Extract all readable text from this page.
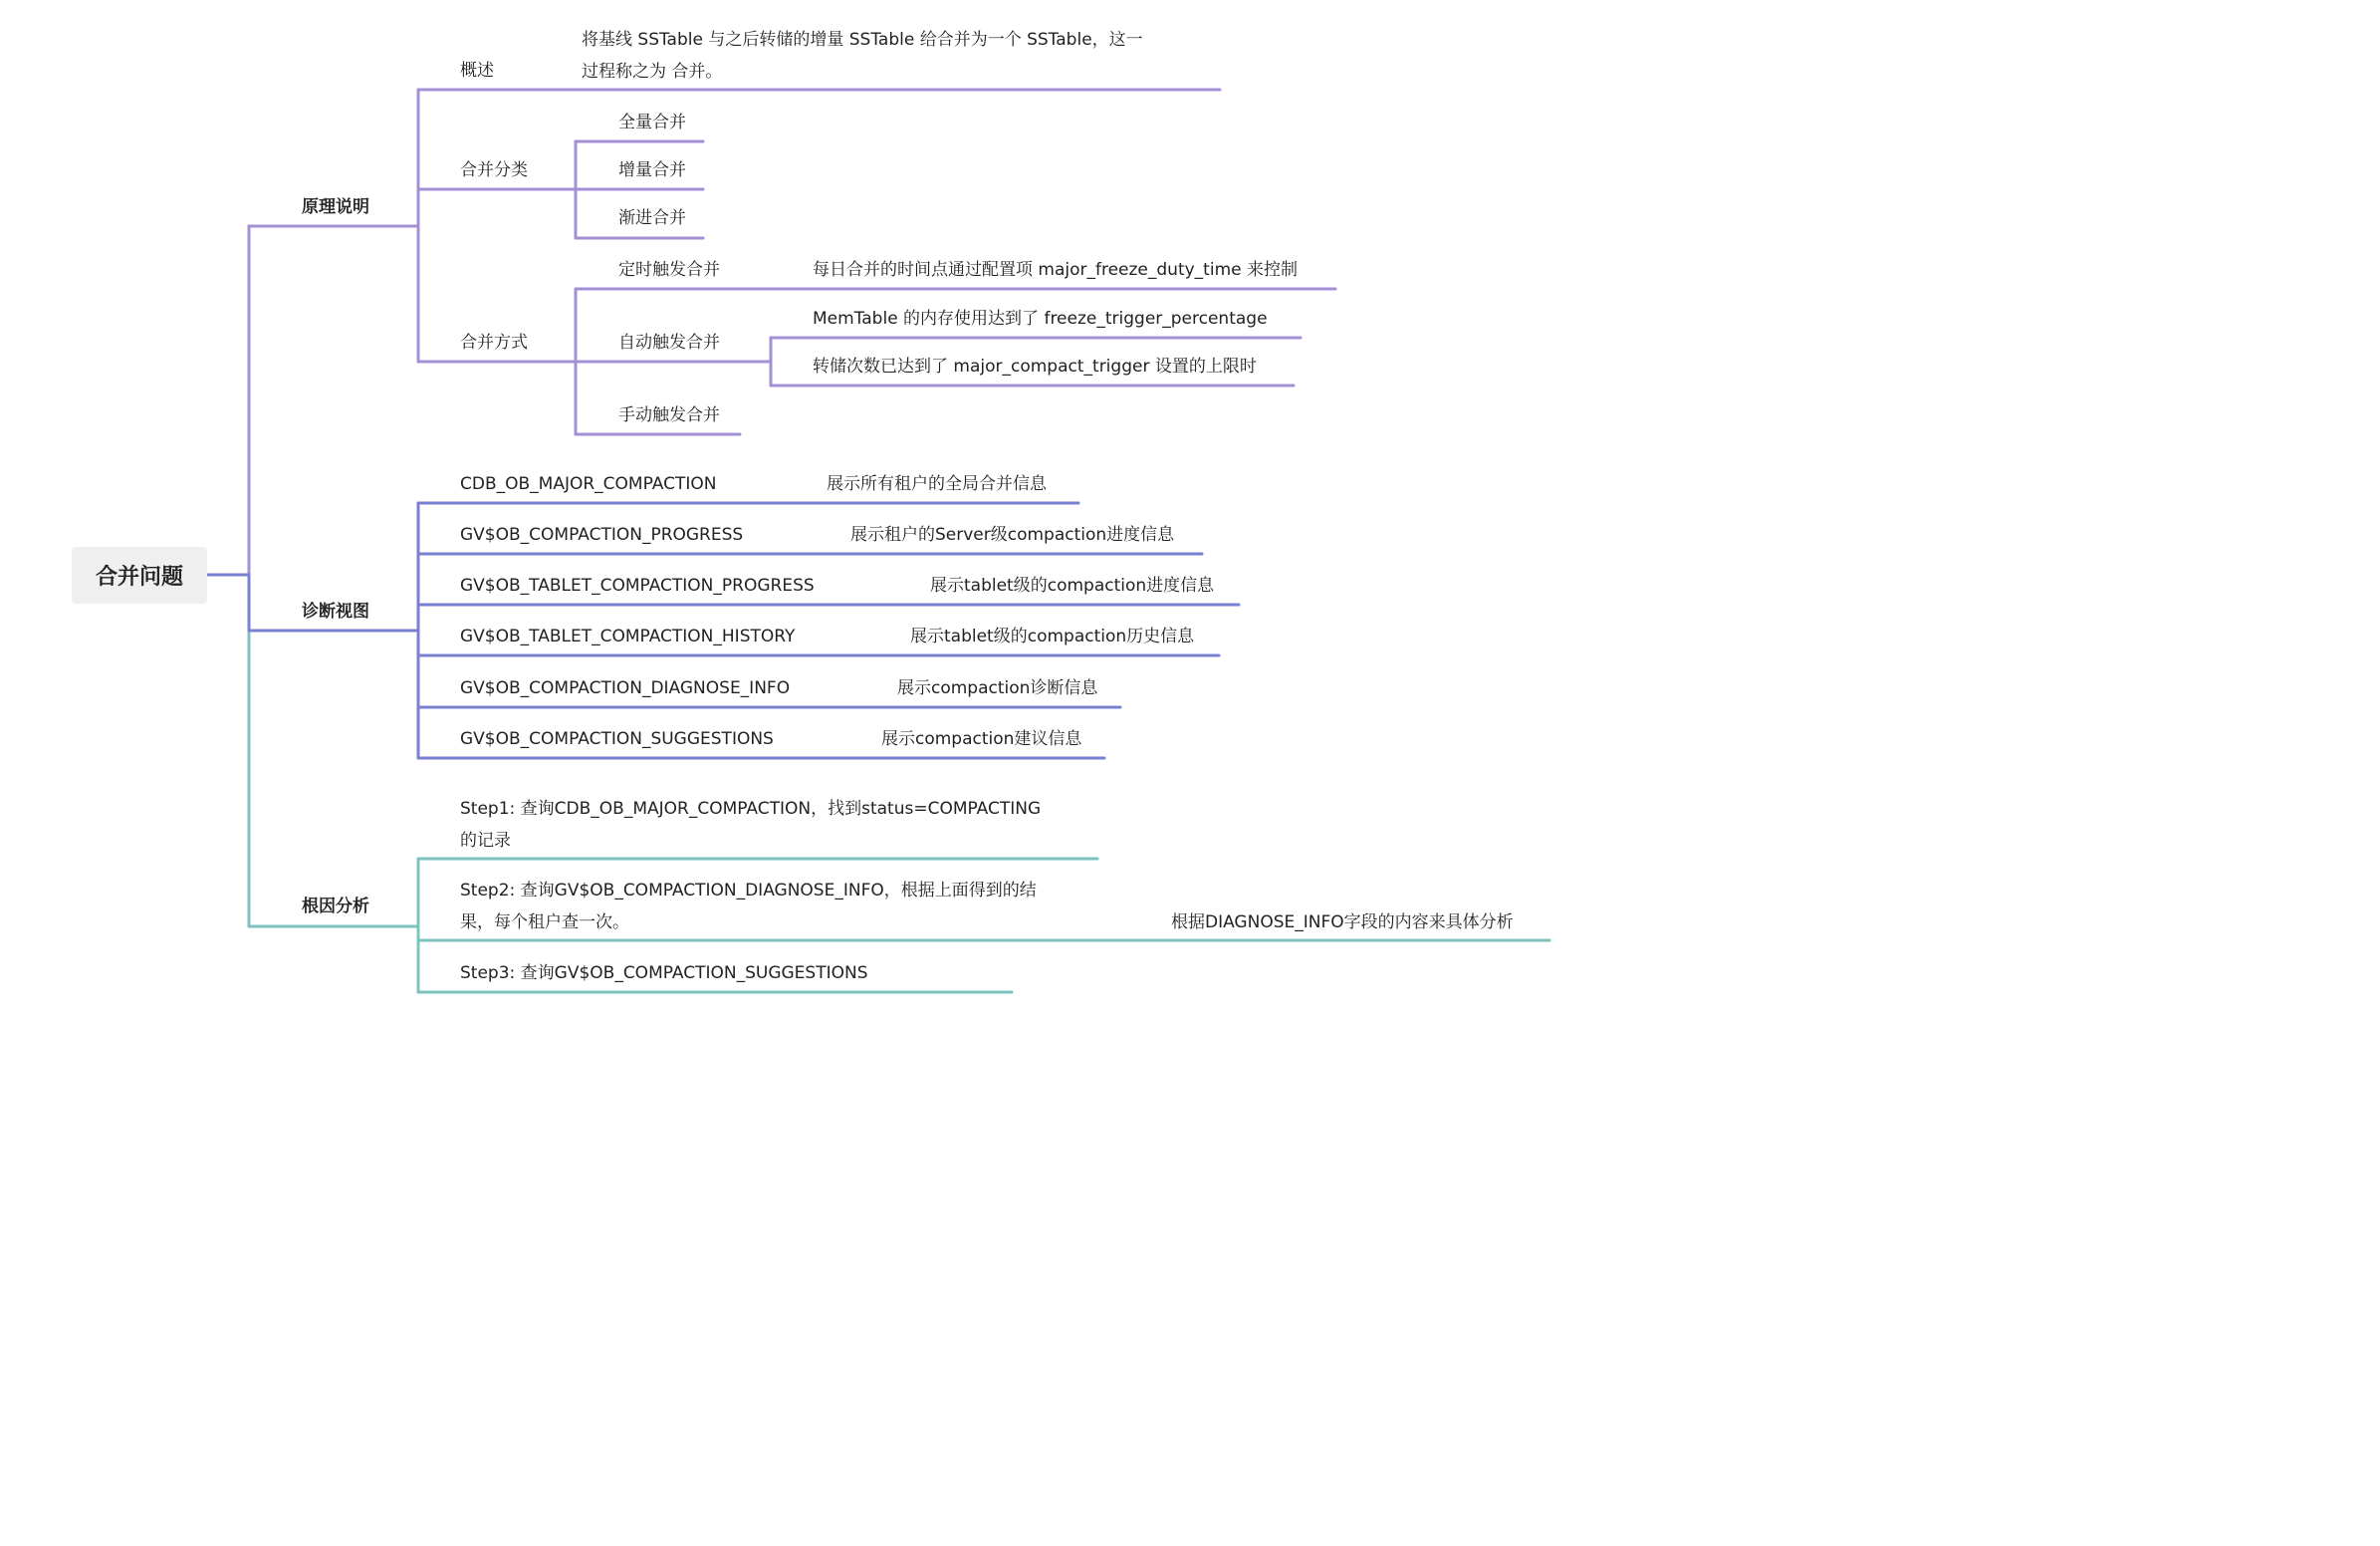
合并问题
原理说明
诊断视图
根因分析
概述
将基线 SSTable 与之后转储的增量 SSTable 给合并为一个 SSTable，这一
过程称之为 合并。
合并分类
全量合并
增量合并
渐进合并
合并方式
定时触发合并	每日合并的时间点通过配置项 major_freeze_duty_time 来控制
自动触发合并
MemTable 的内存使用达到了 freeze_trigger_percentage
转储次数已达到了 major_compact_trigger 设置的上限时
手动触发合并
CDB_OB_MAJOR_COMPACTION	展示所有租户的全局合并信息
GV$OB_COMPACTION_PROGRESS	展示租户的Server级compaction进度信息
GV$OB_TABLET_COMPACTION_PROGRESS	展示tablet级的compaction进度信息
GV$OB_TABLET_COMPACTION_HISTORY	展示tablet级的compaction历史信息
GV$OB_COMPACTION_DIAGNOSE_INFO	展示compaction诊断信息
GV$OB_COMPACTION_SUGGESTIONS	展示compaction建议信息
Step1: 查询CDB_OB_MAJOR_COMPACTION，找到status=COMPACTING
的记录
Step2: 查询GV$OB_COMPACTION_DIAGNOSE_INFO，根据上面得到的结
果，每个租户查一次。	根据DIAGNOSE_INFO字段的内容来具体分析
Step3: 查询GV$OB_COMPACTION_SUGGESTIONS
